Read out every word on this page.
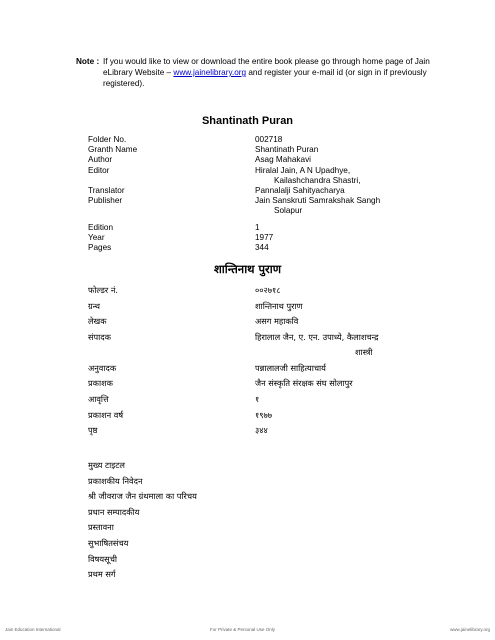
Note : If you would like to view or download the entire book please go through home page of Jain eLibrary Website – www.jainelibrary.org and register your e-mail id (or sign in if previously registered).
Shantinath Puran
Folder No.	002718
Granth Name	Shantinath Puran
Author	Asag Mahakavi
Editor	Hiralal Jain, A N Upadhye,
Kailashchandra Shastri,
Translator	Pannalalji Sahityacharya
Publisher	Jain Sanskruti Samrakshak Sangh
Solapur
Edition	1
Year	1977
Pages	344
शान्तिनाथ पुराण
फोल्डर नं.	००२७१८
ग्रन्थ	शान्तिनाथ पुराण
लेखक	असग महाकवि
संपादक	हिरालाल जैन, ए. एन. उपाध्ये, कैलाशचन्द्र
शास्त्री
अनुवादक	पन्नालालजी साहित्याचार्य
प्रकाशक	जैन संस्कृति संरक्षक संघ सोलापुर
आवृत्ति	१
प्रकाशन वर्ष	१९७७
पृष्ठ	३४४
मुख्य टाइटल
प्रकाशकीय निवेदन
श्री जीवराज जैन ग्रंथमाला का परिचय
प्रधान सम्पादकीय
प्रस्तावना
सुभाषितसंचय
विषयसूची
प्रथम सर्ग
Jain Education International	For Private & Personal Use Only	www.jainelibrary.org
